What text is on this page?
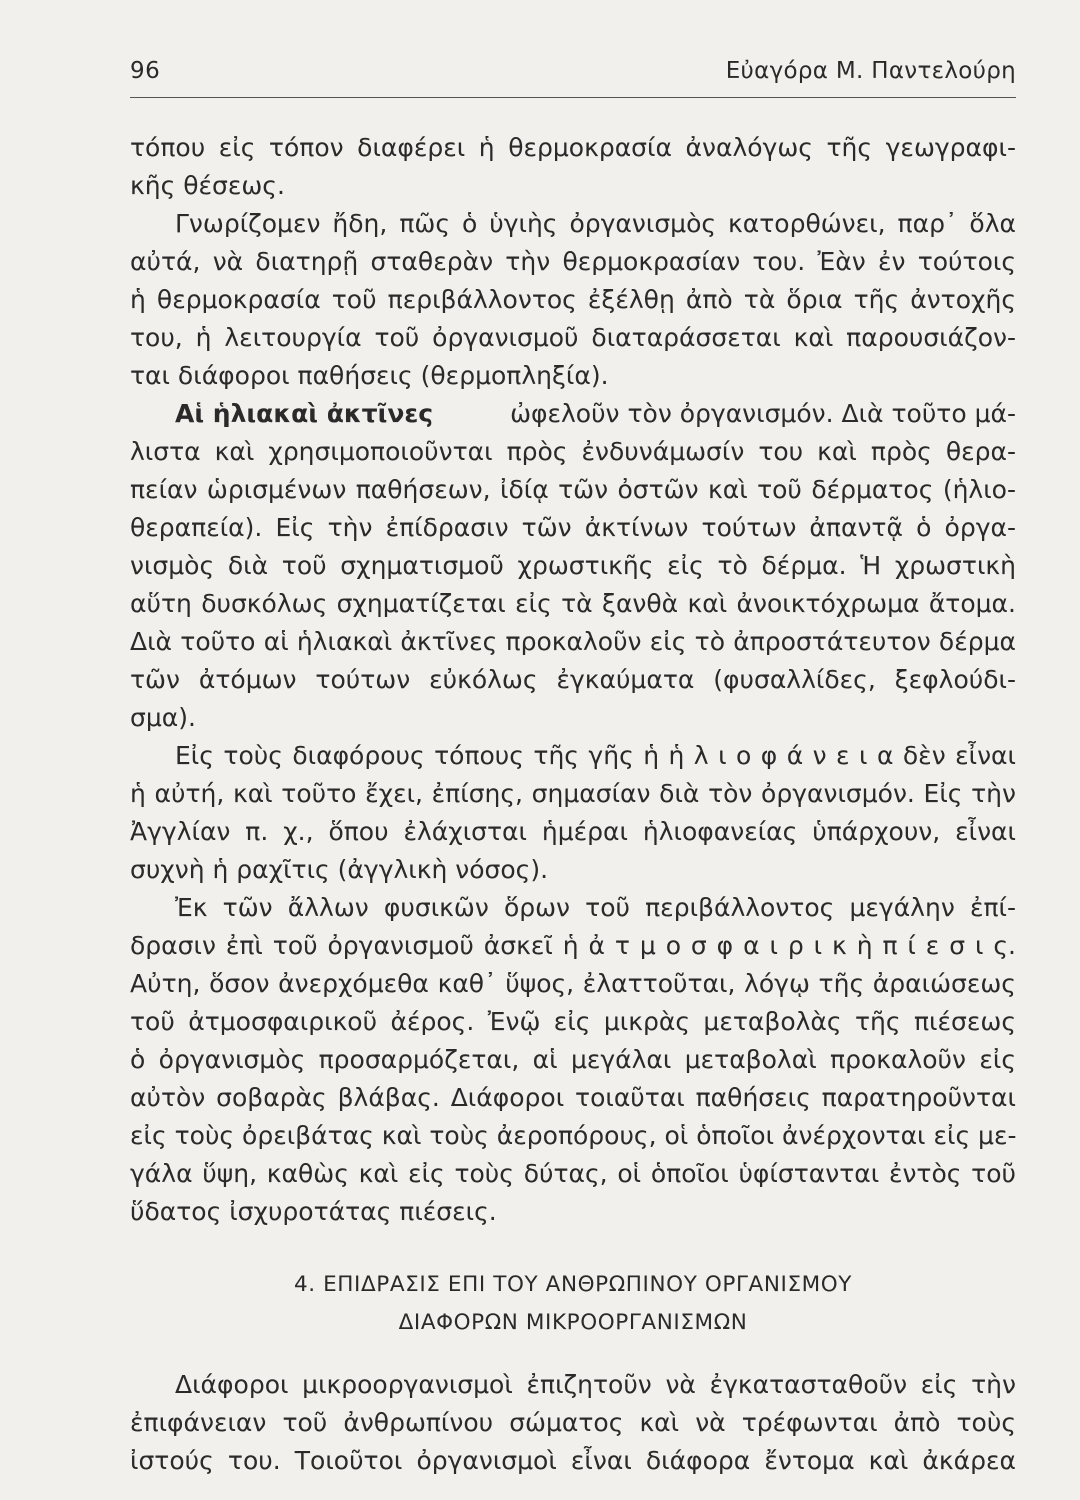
96	Εὐαγόρα Μ. Παντελούρη
τόπου εἰς τόπον διαφέρει ἡ θερμοκρασία ἀναλόγως τῆς γεωγραφι-
κῆς θέσεως.
Γνωρίζομεν ἤδη, πῶς ὁ ὑγιὴς ὀργανισμὸς κατορθώνει, παρ᾽ ὅλα
αὐτά, νὰ διατηρῇ σταθερὰν τὴν θερμοκρασίαν του. Ἐὰν ἐν τούτοις
ἡ θερμοκρασία τοῦ περιβάλλοντος ἐξέλθῃ ἀπὸ τὰ ὅρια τῆς ἀντοχῆς
του, ἡ λειτουργία τοῦ ὀργανισμοῦ διαταράσσεται καὶ παρουσιάζον-
ται διάφοροι παθήσεις (θερμοπληξία).
Αἱ ἡλιακαὶ ἀκτῖνες	ὠφελοῦν τὸν ὀργανισμόν. Διὰ τοῦτο μά-
λιστα καὶ χρησιμοποιοῦνται πρὸς ἐνδυνάμωσίν του καὶ πρὸς θερα-
πείαν ὡρισμένων παθήσεων, ἰδίᾳ τῶν ὀστῶν καὶ τοῦ δέρματος (ἡλιο-
θεραπεία). Εἰς τὴν ἐπίδρασιν τῶν ἀκτίνων τούτων ἀπαντᾷ ὁ ὀργα-
νισμὸς διὰ τοῦ σχηματισμοῦ χρωστικῆς εἰς τὸ δέρμα. Ἡ χρωστικὴ
αὕτη δυσκόλως σχηματίζεται εἰς τὰ ξανθὰ καὶ ἀνοικτόχρωμα ἄτομα.
Διὰ τοῦτο αἱ ἡλιακαὶ ἀκτῖνες προκαλοῦν εἰς τὸ ἀπροστάτευτον δέρμα
τῶν ἀτόμων τούτων εὐκόλως ἐγκαύματα (φυσαλλίδες, ξεφλούδι-
σμα).
Εἰς τοὺς διαφόρους τόπους τῆς γῆς ἡ ἡ λ ι ο φ ά ν ε ι α δὲν εἶναι
ἡ αὐτή, καὶ τοῦτο ἔχει, ἐπίσης, σημασίαν διὰ τὸν ὀργανισμόν. Εἰς τὴν
Ἀγγλίαν π. χ., ὅπου ἐλάχισται ἡμέραι ἡλιοφανείας ὑπάρχουν, εἶναι
συχνὴ ἡ ραχῖτις (ἀγγλικὴ νόσος).
Ἐκ τῶν ἄλλων φυσικῶν ὅρων τοῦ περιβάλλοντος μεγάλην ἐπί-
δρασιν ἐπὶ τοῦ ὀργανισμοῦ ἀσκεῖ ἡ ἀ τ μ ο σ φ α ι ρ ι κ ὴ π ί ε σ ι ς.
Αὐτη, ὅσον ἀνερχόμεθα καθ᾽ ὕψος, ἐλαττοῦται, λόγῳ τῆς ἀραιώσεως
τοῦ ἀτμοσφαιρικοῦ ἀέρος. Ἐνῷ εἰς μικρὰς μεταβολὰς τῆς πιέσεως
ὁ ὀργανισμὸς προσαρμόζεται, αἱ μεγάλαι μεταβολαὶ προκαλοῦν εἰς
αὐτὸν σοβαρὰς βλάβας. Διάφοροι τοιαῦται παθήσεις παρατηροῦνται
εἰς τοὺς ὀρειβάτας καὶ τοὺς ἀεροπόρους, οἱ ὁποῖοι ἀνέρχονται εἰς με-
γάλα ὕψη, καθὼς καὶ εἰς τοὺς δύτας, οἱ ὁποῖοι ὑφίστανται ἐντὸς τοῦ
ὕδατος ἰσχυροτάτας πιέσεις.
4. ΕΠΙΔΡΑΣΙΣ ΕΠΙ ΤΟΥ ΑΝΘΡΩΠΙΝΟΥ ΟΡΓΑΝΙΣΜΟΥ
ΔΙΑΦΟΡΩΝ ΜΙΚΡΟΟΡΓΑΝΙΣΜΩΝ
Διάφοροι μικροοργανισμοὶ ἐπιζητοῦν νὰ ἐγκατασταθοῦν εἰς τὴν
ἐπιφάνειαν τοῦ ἀνθρωπίνου σώματος καὶ νὰ τρέφωνται ἀπὸ τοὺς
ἰστούς του. Τοιοῦτοι ὀργανισμοὶ εἶναι διάφορα ἔντομα καὶ ἀκάρεα
